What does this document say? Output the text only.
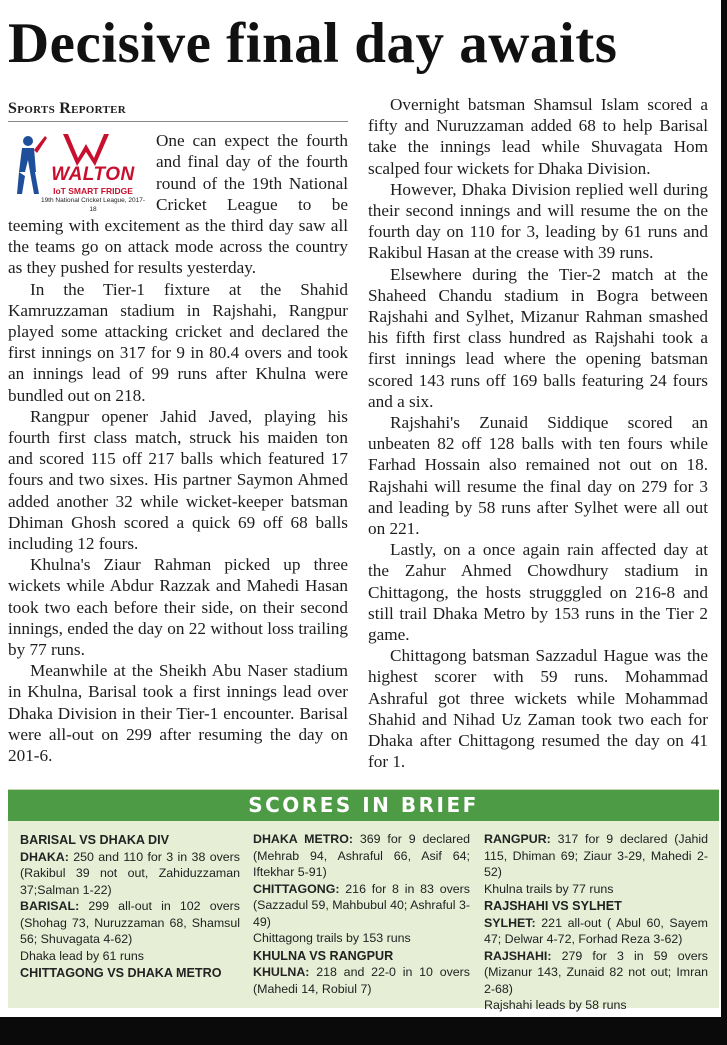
Decisive final day awaits
Sports Reporter
WALTON
IoT SMART FRIDGE
19th National Cricket League, 2017-18

One can expect the fourth and final day of the fourth round of the 19th National Cricket League to be teeming with excitement as the third day saw all the teams go on attack mode across the country as they pushed for results yesterday.

In the Tier-1 fixture at the Shahid Kamruzzaman stadium in Rajshahi, Rangpur played some attacking cricket and declared the first innings on 317 for 9 in 80.4 overs and took an innings lead of 99 runs after Khulna were bundled out on 218.

Rangpur opener Jahid Javed, playing his fourth first class match, struck his maiden ton and scored 115 off 217 balls which featured 17 fours and two sixes. His partner Saymon Ahmed added another 32 while wicket-keeper batsman Dhiman Ghosh scored a quick 69 off 68 balls including 12 fours.

Khulna's Ziaur Rahman picked up three wickets while Abdur Razzak and Mahedi Hasan took two each before their side, on their second innings, ended the day on 22 without loss trailing by 77 runs.

Meanwhile at the Sheikh Abu Naser stadium in Khulna, Barisal took a first innings lead over Dhaka Division in their Tier-1 encounter. Barisal were all-out on 299 after resuming the day on 201-6.

Overnight batsman Shamsul Islam scored a fifty and Nuruzzaman added 68 to help Barisal take the innings lead while Shuvagata Hom scalped four wickets for Dhaka Division.

However, Dhaka Division replied well during their second innings and will resume the on the fourth day on 110 for 3, leading by 61 runs and Rakibul Hasan at the crease with 39 runs.

Elsewhere during the Tier-2 match at the Shaheed Chandu stadium in Bogra between Rajshahi and Sylhet, Mizanur Rahman smashed his fifth first class hundred as Rajshahi took a first innings lead where the opening batsman scored 143 runs off 169 balls featuring 24 fours and a six.

Rajshahi's Zunaid Siddique scored an unbeaten 82 off 128 balls with ten fours while Farhad Hossain also remained not out on 18. Rajshahi will resume the final day on 279 for 3 and leading by 58 runs after Sylhet were all out on 221.

Lastly, on a once again rain affected day at the Zahur Ahmed Chowdhury stadium in Chittagong, the hosts strugggled on 216-8 and still trail Dhaka Metro by 153 runs in the Tier 2 game.

Chittagong batsman Sazzadul Hague was the highest scorer with 59 runs. Mohammad Ashraful got three wickets while Mohammad Shahid and Nihad Uz Zaman took two each for Dhaka after Chittagong resumed the day on 41 for 1.

SCORES IN BRIEF
BARISAL VS DHAKA DIV

DHAKA: 250 and 110 for 3 in 38 overs (Rakibul 39 not out, Zahiduzzaman 37;Salman 1-22)

BARISAL: 299 all-out in 102 overs (Shohag 73, Nuruzzaman 68, Shamsul 56; Shuvagata 4-62)

Dhaka lead by 61 runs
CHITTAGONG VS DHAKA METRO

DHAKA METRO: 369 for 9 declared (Mehrab 94, Ashraful 66, Asif 64; Iftekhar 5-91)

CHITTAGONG: 216 for 8 in 83 overs (Sazzadul 59, Mahbubul 40; Ashraful 3-49)

Chittagong trails by 153 runs
KHULNA VS RANGPUR

KHULNA: 218 and 22-0 in 10 overs (Mahedi 14, Robiul 7)

RANGPUR: 317 for 9 declared (Jahid 115, Dhiman 69; Ziaur 3-29, Mahedi 2-52)

Khulna trails by 77 runs
RAJSHAHI VS SYLHET

SYLHET: 221 all-out ( Abul 60, Sayem 47; Delwar 4-72, Forhad Reza 3-62)

RAJSHAHI: 279 for 3 in 59 overs (Mizanur 143, Zunaid 82 not out; Imran 2-68)

Rajshahi leads by 58 runs
